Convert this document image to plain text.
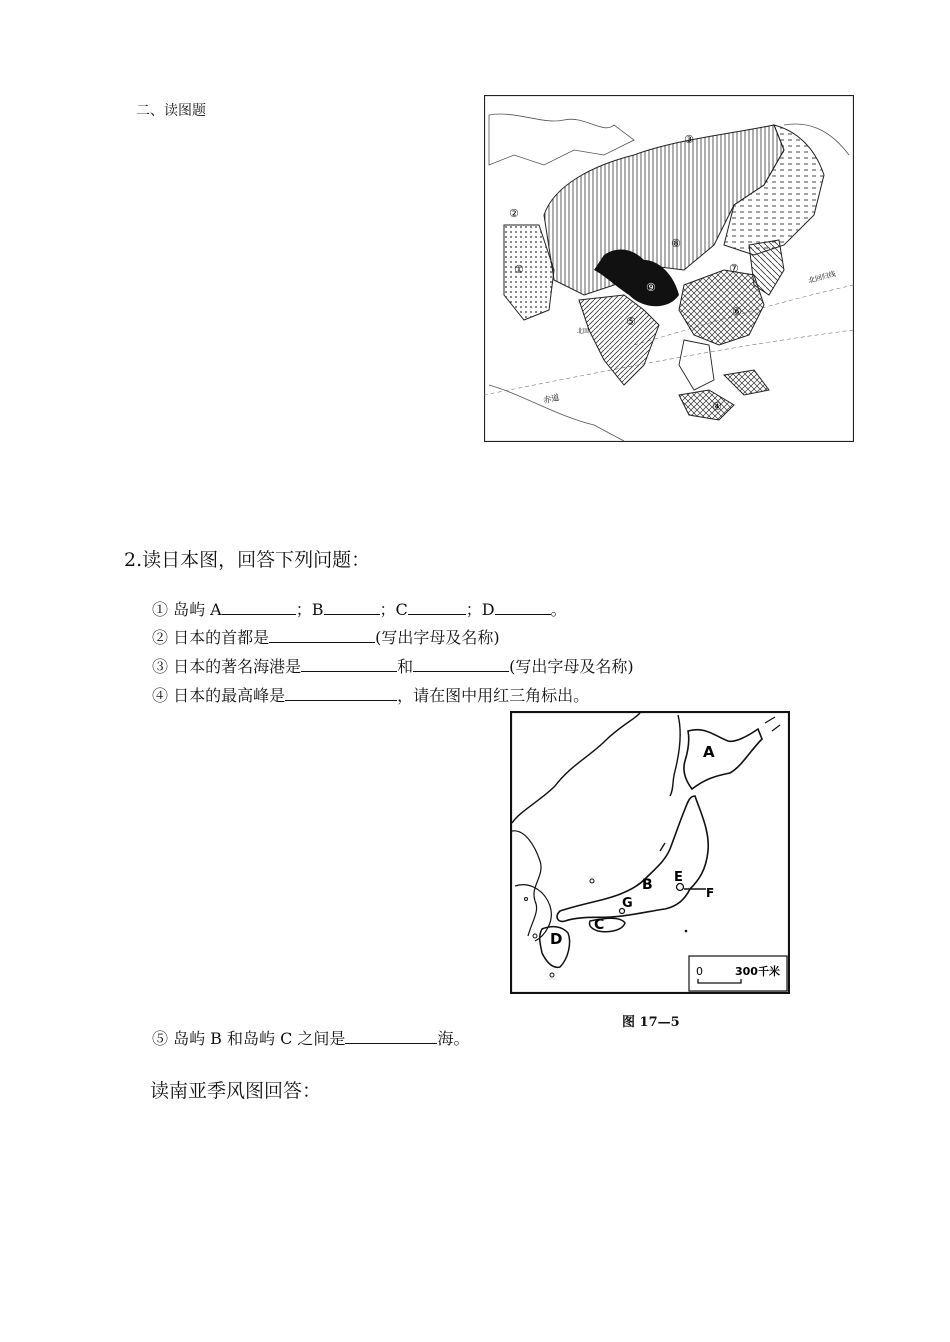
二、读图题
①
②
③
④
⑤
⑥
⑦
⑧
⑨
赤道
北回归线
北回
2.读日本图，回答下列问题：
① 岛屿 A	；B	；C	；D	。
② 日本的首都是	(写出字母及名称)
③ 日本的著名海港是	和	(写出字母及名称)
④ 日本的最高峰是	，请在图中用红三角标出。
A
B
C
D
E
F
G
0	300千米
图 17—5
⑤ 岛屿 B 和岛屿 C 之间是	海。
读南亚季风图回答：
